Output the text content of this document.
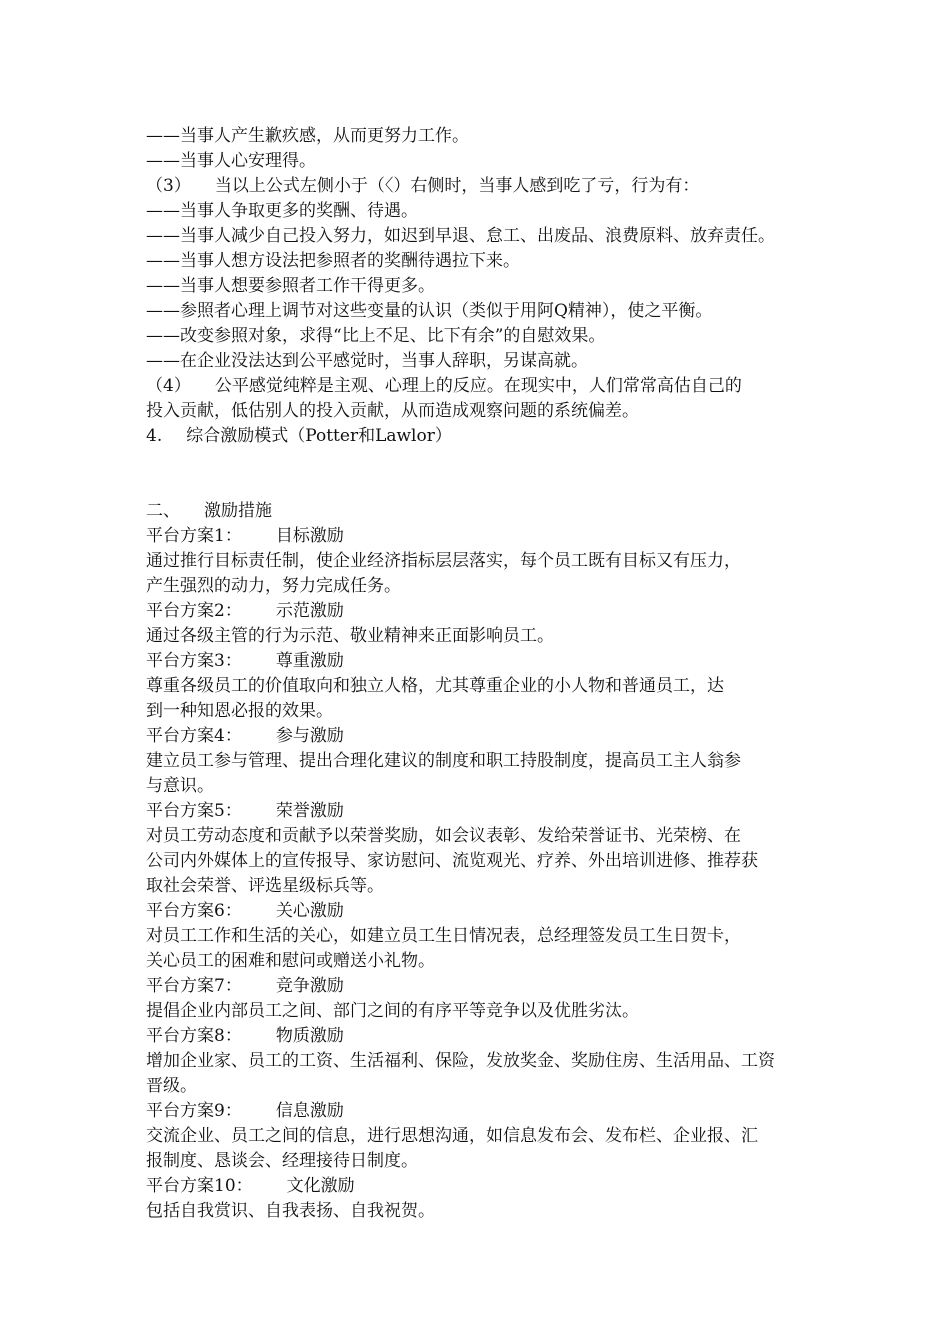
——当事人产生歉疚感，从而更努力工作。
——当事人心安理得。
（3） 当以上公式左侧小于（〈）右侧时，当事人感到吃了亏，行为有：
——当事人争取更多的奖酬、待遇。
——当事人减少自己投入努力，如迟到早退、怠工、出废品、浪费原料、放弃责任。
——当事人想方设法把参照者的奖酬待遇拉下来。
——当事人想要参照者工作干得更多。
——参照者心理上调节对这些变量的认识（类似于用阿Q精神），使之平衡。
——改变参照对象，求得“比上不足、比下有余”的自慰效果。
——在企业没法达到公平感觉时，当事人辞职，另谋高就。
（4） 公平感觉纯粹是主观、心理上的反应。在现实中，人们常常高估自己的
投入贡献，低估别人的投入贡献，从而造成观察问题的系统偏差。
4. 综合激励模式（Potter和Lawlor）
二、 激励措施
平台方案1： 目标激励
通过推行目标责任制，使企业经济指标层层落实，每个员工既有目标又有压力，
产生强烈的动力，努力完成任务。
平台方案2： 示范激励
通过各级主管的行为示范、敬业精神来正面影响员工。
平台方案3： 尊重激励
尊重各级员工的价值取向和独立人格，尤其尊重企业的小人物和普通员工，达
到一种知恩必报的效果。
平台方案4： 参与激励
建立员工参与管理、提出合理化建议的制度和职工持股制度，提高员工主人翁参
与意识。
平台方案5： 荣誉激励
对员工劳动态度和贡献予以荣誉奖励，如会议表彰、发给荣誉证书、光荣榜、在
公司内外媒体上的宣传报导、家访慰问、流览观光、疗养、外出培训进修、推荐获
取社会荣誉、评选星级标兵等。
平台方案6： 关心激励
对员工工作和生活的关心，如建立员工生日情况表，总经理签发员工生日贺卡，
关心员工的困难和慰问或赠送小礼物。
平台方案7： 竞争激励
提倡企业内部员工之间、部门之间的有序平等竞争以及优胜劣汰。
平台方案8： 物质激励
增加企业家、员工的工资、生活福利、保险，发放奖金、奖励住房、生活用品、工资
晋级。
平台方案9： 信息激励
交流企业、员工之间的信息，进行思想沟通，如信息发布会、发布栏、企业报、汇
报制度、恳谈会、经理接待日制度。
平台方案10： 文化激励
包括自我赏识、自我表扬、自我祝贺。
